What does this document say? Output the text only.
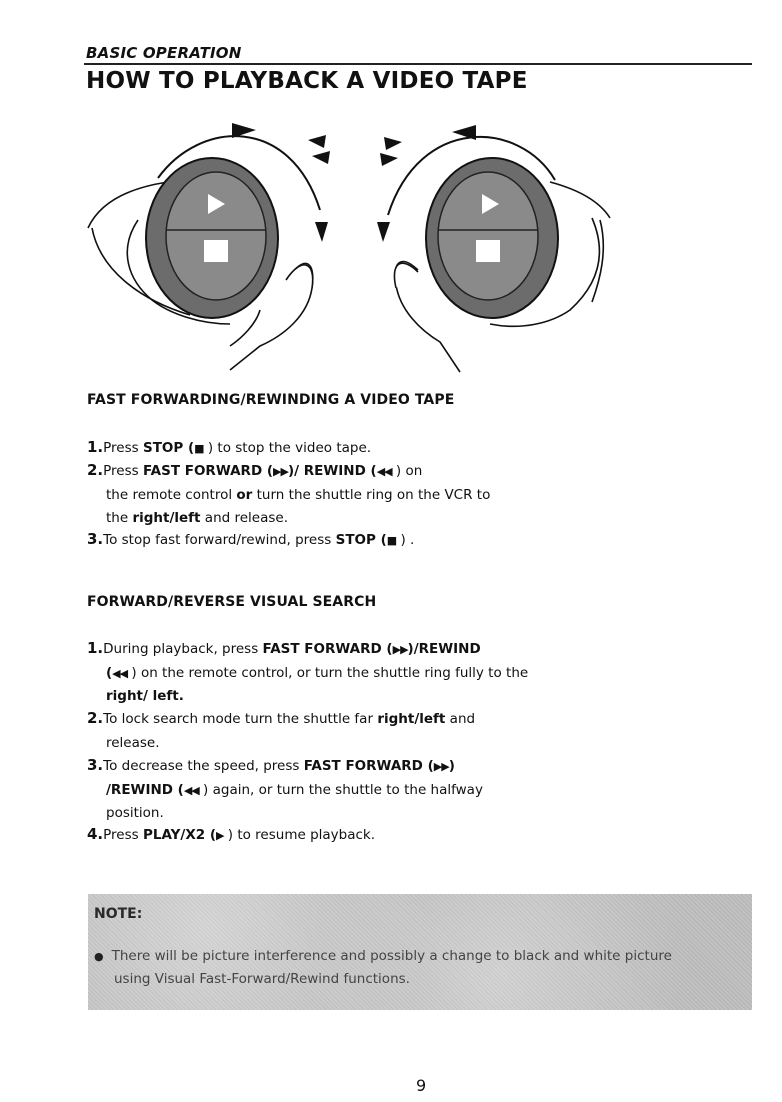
BASIC OPERATION
HOW TO PLAYBACK A VIDEO TAPE
FAST FORWARDING/REWINDING A VIDEO TAPE
1.Press STOP (■ ) to stop the video tape.
2.Press FAST FORWARD (▶▶)/ REWIND (◀◀ ) on
the remote control or turn the shuttle ring on the VCR to
the right/left and release.
3.To stop fast forward/rewind, press STOP (■ ) .
FORWARD/REVERSE VISUAL SEARCH
1.During playback, press FAST FORWARD (▶▶)/REWIND
(◀◀ ) on the remote control, or turn the shuttle ring fully to the
right/ left.
2.To lock search mode turn the shuttle far right/left and
release.
3.To decrease the speed, press FAST FORWARD (▶▶)
/REWIND (◀◀ ) again, or turn the shuttle to the halfway
position.
4.Press PLAY/X2 (▶ ) to resume playback.
NOTE:
● There will be picture interference and possibly a change to black and white picture
using Visual Fast-Forward/Rewind functions.
9
